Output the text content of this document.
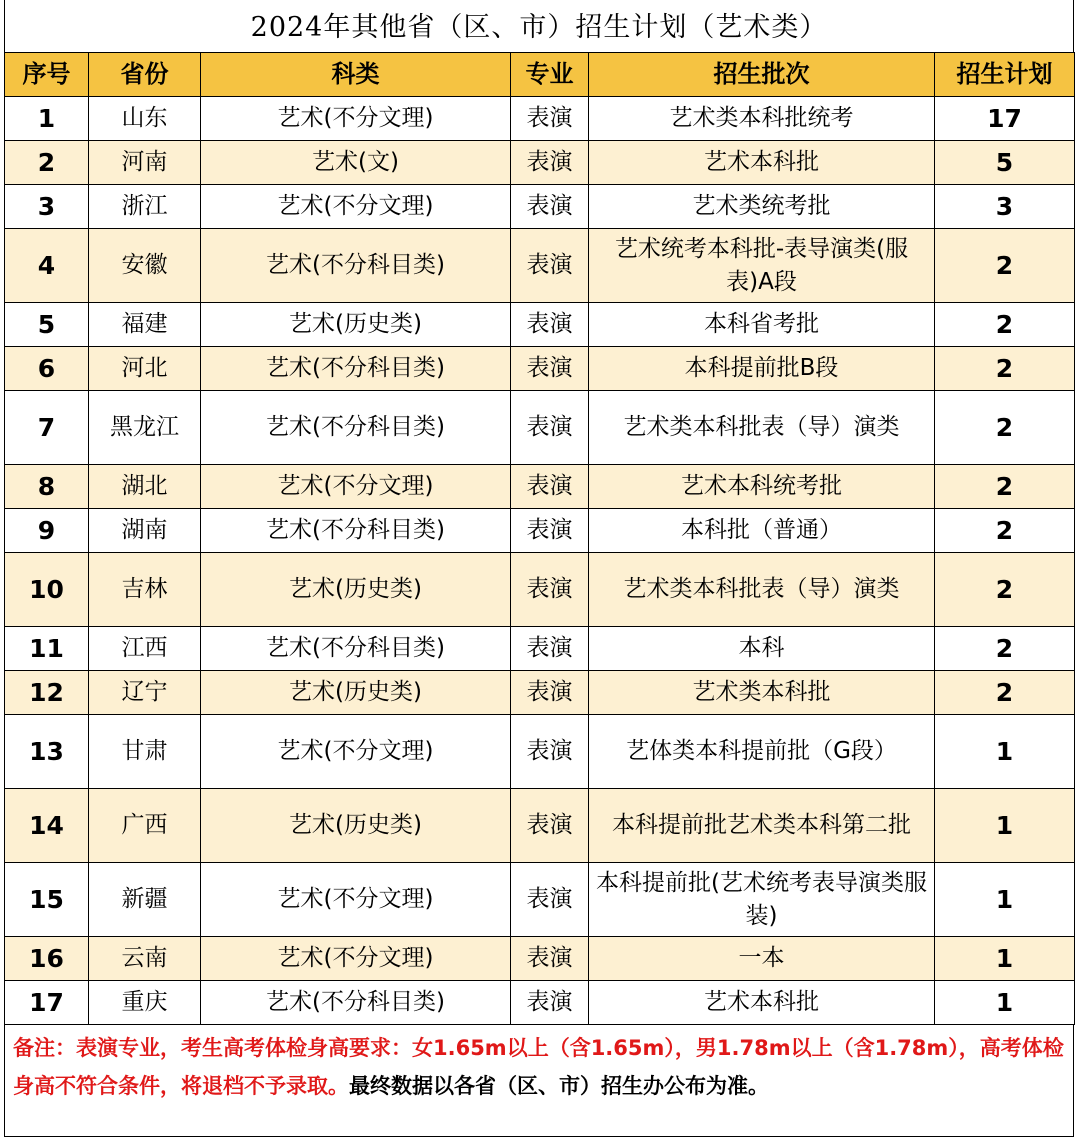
2024年其他省（区、市）招生计划（艺术类）
序号	省份	科类	专业	招生批次	招生计划
1	山东	艺术(不分文理)	表演	艺术类本科批统考	17
2	河南	艺术(文)	表演	艺术本科批	5
3	浙江	艺术(不分文理)	表演	艺术类统考批	3
4	安徽	艺术(不分科目类)	表演	艺术统考本科批-表导演类(服表)A段	2
5	福建	艺术(历史类)	表演	本科省考批	2
6	河北	艺术(不分科目类)	表演	本科提前批B段	2
7	黑龙江	艺术(不分科目类)	表演	艺术类本科批表（导）演类	2
8	湖北	艺术(不分文理)	表演	艺术本科统考批	2
9	湖南	艺术(不分科目类)	表演	本科批（普通）	2
10	吉林	艺术(历史类)	表演	艺术类本科批表（导）演类	2
11	江西	艺术(不分科目类)	表演	本科	2
12	辽宁	艺术(历史类)	表演	艺术类本科批	2
13	甘肃	艺术(不分文理)	表演	艺体类本科提前批（G段）	1
14	广西	艺术(历史类)	表演	本科提前批艺术类本科第二批	1
15	新疆	艺术(不分文理)	表演	本科提前批(艺术统考表导演类服装)	1
16	云南	艺术(不分文理)	表演	一本	1
17	重庆	艺术(不分科目类)	表演	艺术本科批	1
备注：表演专业，考生高考体检身高要求：女1.65m以上（含1.65m），男1.78m以上（含1.78m），高考体检身高不符合条件，将退档不予录取。最终数据以各省（区、市）招生办公布为准。
